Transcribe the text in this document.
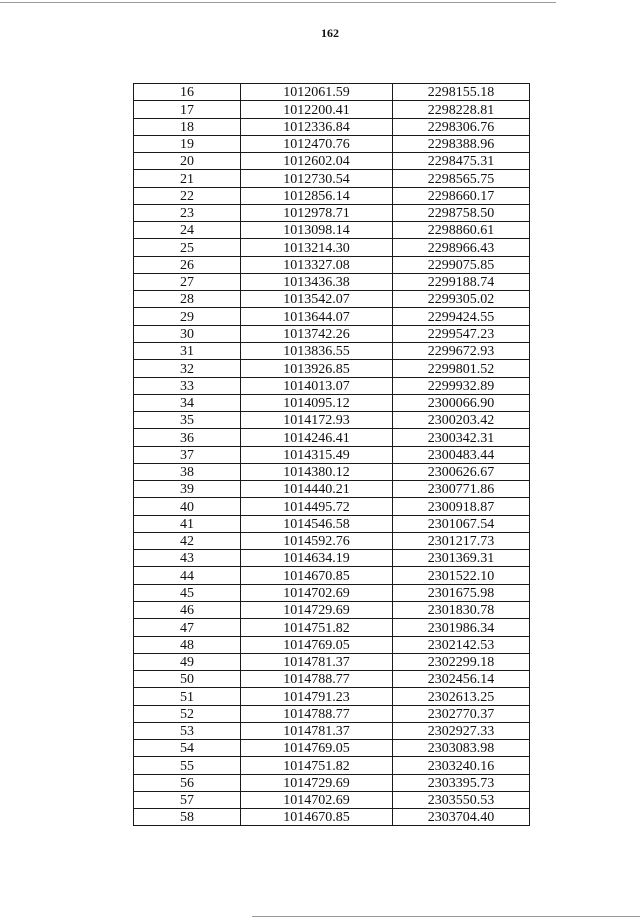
162
16	1012061.59	2298155.18
17	1012200.41	2298228.81
18	1012336.84	2298306.76
19	1012470.76	2298388.96
20	1012602.04	2298475.31
21	1012730.54	2298565.75
22	1012856.14	2298660.17
23	1012978.71	2298758.50
24	1013098.14	2298860.61
25	1013214.30	2298966.43
26	1013327.08	2299075.85
27	1013436.38	2299188.74
28	1013542.07	2299305.02
29	1013644.07	2299424.55
30	1013742.26	2299547.23
31	1013836.55	2299672.93
32	1013926.85	2299801.52
33	1014013.07	2299932.89
34	1014095.12	2300066.90
35	1014172.93	2300203.42
36	1014246.41	2300342.31
37	1014315.49	2300483.44
38	1014380.12	2300626.67
39	1014440.21	2300771.86
40	1014495.72	2300918.87
41	1014546.58	2301067.54
42	1014592.76	2301217.73
43	1014634.19	2301369.31
44	1014670.85	2301522.10
45	1014702.69	2301675.98
46	1014729.69	2301830.78
47	1014751.82	2301986.34
48	1014769.05	2302142.53
49	1014781.37	2302299.18
50	1014788.77	2302456.14
51	1014791.23	2302613.25
52	1014788.77	2302770.37
53	1014781.37	2302927.33
54	1014769.05	2303083.98
55	1014751.82	2303240.16
56	1014729.69	2303395.73
57	1014702.69	2303550.53
58	1014670.85	2303704.40
